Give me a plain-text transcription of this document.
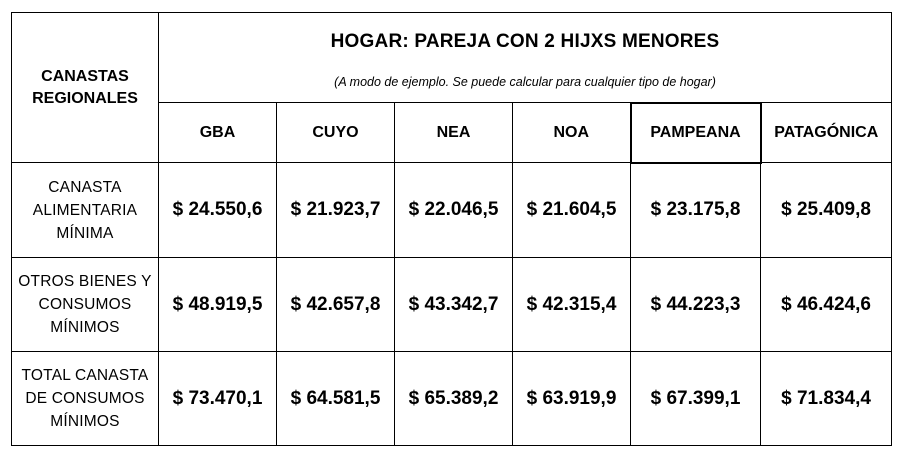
CANASTAS REGIONALES	HOGAR: PAREJA CON 2 HIJXS MENORES
(A modo de ejemplo. Se puede calcular para cualquier tipo de hogar)					

	GBA	CUYO	NEA	NOA	PAMPEANA	PATAGÓNICA

CANASTA ALIMENTARIA MÍNIMA	$ 24.550,6	$ 21.923,7	$ 22.046,5	$ 21.604,5	$ 23.175,8	$ 25.409,8

OTROS BIENES Y CONSUMOS MÍNIMOS	$ 48.919,5	$ 42.657,8	$ 43.342,7	$ 42.315,4	$ 44.223,3	$ 46.424,6

TOTAL CANASTA DE CONSUMOS MÍNIMOS	$ 73.470,1	$ 64.581,5	$ 65.389,2	$ 63.919,9	$ 67.399,1	$ 71.834,4
